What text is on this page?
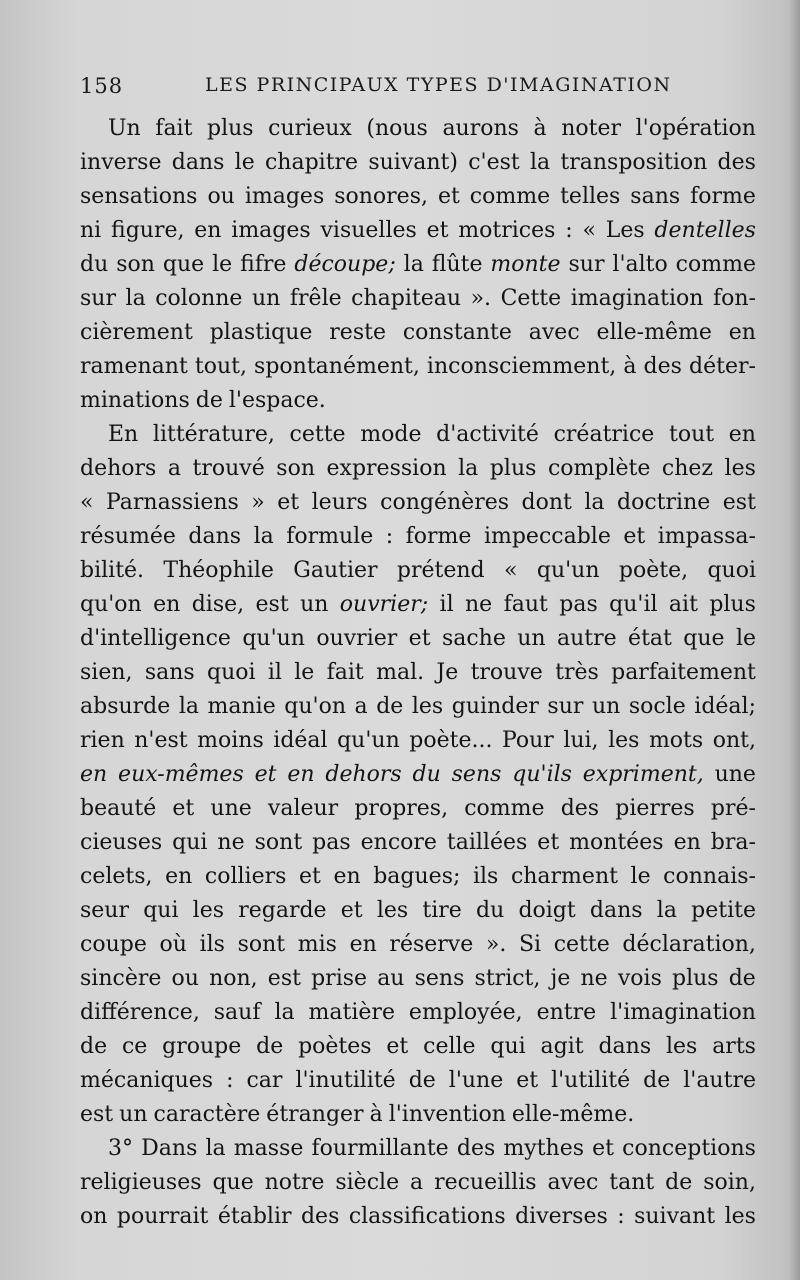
158	LES PRINCIPAUX TYPES D'IMAGINATION
Un fait plus curieux (nous aurons à noter l'opération
inverse dans le chapitre suivant) c'est la transposition des
sensations ou images sonores, et comme telles sans forme
ni figure, en images visuelles et motrices : « Les dentelles
du son que le fifre découpe; la flûte monte sur l'alto comme
sur la colonne un frêle chapiteau ». Cette imagination fon-
cièrement plastique reste constante avec elle-même en
ramenant tout, spontanément, inconsciemment, à des déter-
minations de l'espace.
En littérature, cette mode d'activité créatrice tout en
dehors a trouvé son expression la plus complète chez les
« Parnassiens » et leurs congénères dont la doctrine est
résumée dans la formule : forme impeccable et impassa-
bilité. Théophile Gautier prétend « qu'un poète, quoi
qu'on en dise, est un ouvrier; il ne faut pas qu'il ait plus
d'intelligence qu'un ouvrier et sache un autre état que le
sien, sans quoi il le fait mal. Je trouve très parfaitement
absurde la manie qu'on a de les guinder sur un socle idéal;
rien n'est moins idéal qu'un poète... Pour lui, les mots ont,
en eux-mêmes et en dehors du sens qu'ils expriment, une
beauté et une valeur propres, comme des pierres pré-
cieuses qui ne sont pas encore taillées et montées en bra-
celets, en colliers et en bagues; ils charment le connais-
seur qui les regarde et les tire du doigt dans la petite
coupe où ils sont mis en réserve ». Si cette déclaration,
sincère ou non, est prise au sens strict, je ne vois plus de
différence, sauf la matière employée, entre l'imagination
de ce groupe de poètes et celle qui agit dans les arts
mécaniques : car l'inutilité de l'une et l'utilité de l'autre
est un caractère étranger à l'invention elle-même.
3° Dans la masse fourmillante des mythes et conceptions
religieuses que notre siècle a recueillis avec tant de soin,
on pourrait établir des classifications diverses : suivant les
